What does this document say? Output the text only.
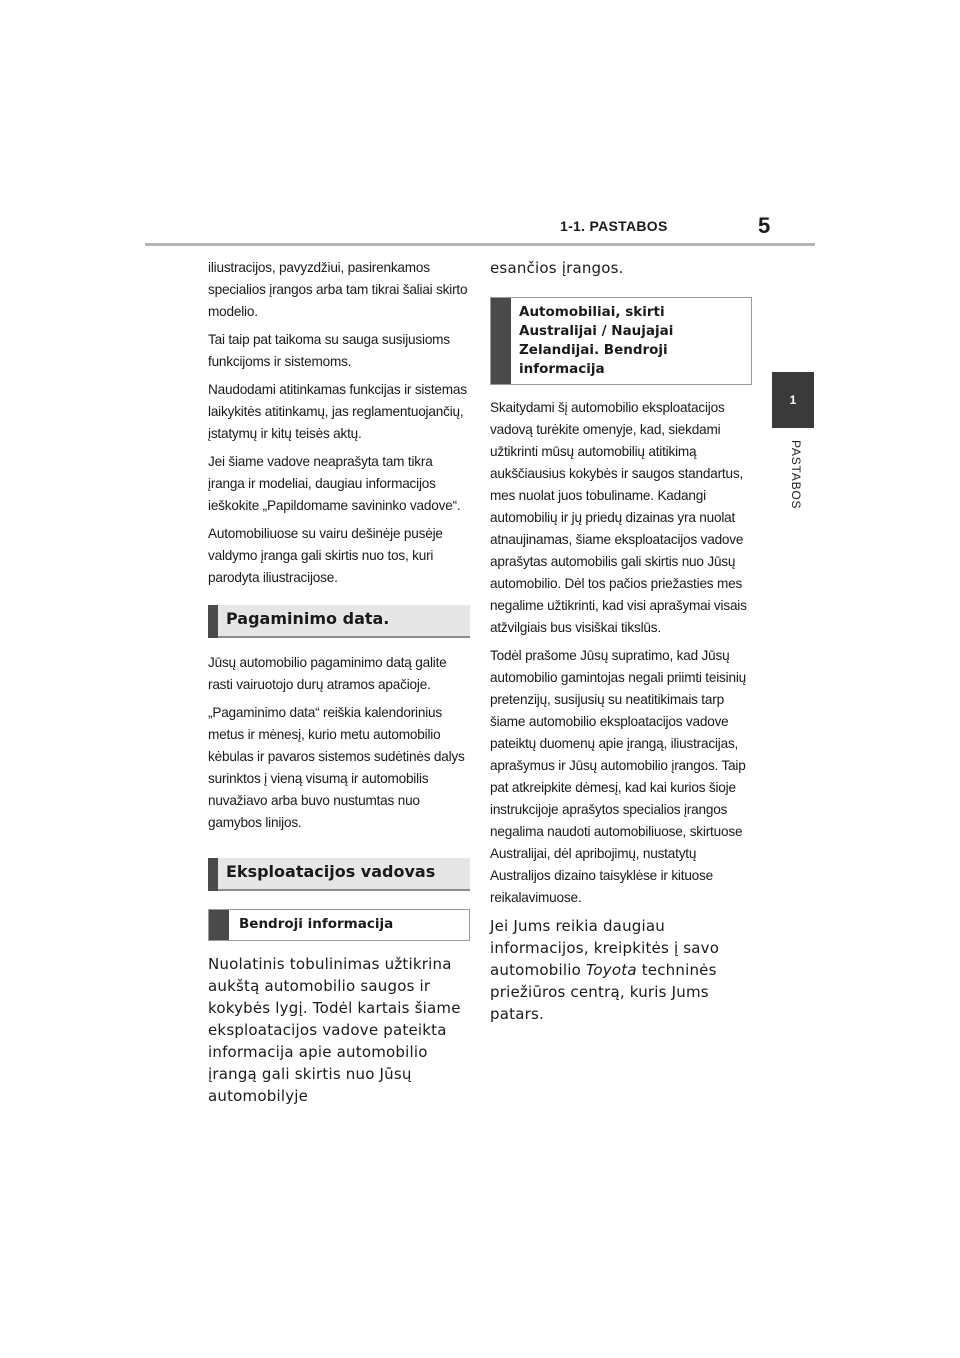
1-1. PASTABOS	5
1
PASTABOS

iliustracijos, pavyzdžiui, pasirenkamos specialios įrangos arba tam tikrai šaliai skirto modelio.

Tai taip pat taikoma su sauga susijusioms funkcijoms ir sistemoms.

Naudodami atitinkamas funkcijas ir sistemas laikykitės atitinkamų, jas reglamentuojančių, įstatymų ir kitų teisės aktų.

Jei šiame vadove neaprašyta tam tikra įranga ir modeliai, daugiau informacijos ieškokite „Papildomame savininko vadove“.

Automobiliuose su vairu dešinėje pusėje valdymo įranga gali skirtis nuo tos, kuri parodyta iliustracijose.

Pagaminimo data.

Jūsų automobilio pagaminimo datą galite rasti vairuotojo durų atramos apačioje.

„Pagaminimo data“ reiškia kalendorinius metus ir mėnesį, kurio metu automobilio kėbulas ir pavaros sistemos sudėtinės dalys surinktos į vieną visumą ir automobilis nuvažiavo arba buvo nustumtas nuo gamybos linijos.

Eksploatacijos vadovas
Bendroji informacija

Nuolatinis tobulinimas užtikrina aukštą automobilio saugos ir kokybės lygį. Todėl kartais šiame eksploatacijos vadove pateikta informacija apie automobilio įrangą gali skirtis nuo Jūsų automobilyje

esančios įrangos.

Automobiliai, skirti Australijai / Naujajai Zelandijai. Bendroji informacija

Skaitydami šį automobilio eksploatacijos vadovą turėkite omenyje, kad, siekdami užtikrinti mūsų automobilių atitikimą aukščiausius kokybės ir saugos standartus, mes nuolat juos tobuliname. Kadangi automobilių ir jų priedų dizainas yra nuolat atnaujinamas, šiame eksploatacijos vadove aprašytas automobilis gali skirtis nuo Jūsų automobilio. Dėl tos pačios priežasties mes negalime užtikrinti, kad visi aprašymai visais atžvilgiais bus visiškai tikslūs.

Todėl prašome Jūsų supratimo, kad Jūsų automobilio gamintojas negali priimti teisinių pretenzijų, susijusių su neatitikimais tarp šiame automobilio eksploatacijos vadove pateiktų duomenų apie įrangą, iliustracijas, aprašymus ir Jūsų automobilio įrangos. Taip pat atkreipkite dėmesį, kad kai kurios šioje instrukcijoje aprašytos specialios įrangos negalima naudoti automobiliuose, skirtuose Australijai, dėl apribojimų, nustatytų Australijos dizaino taisyklėse ir kituose reikalavimuose.

Jei Jums reikia daugiau informacijos, kreipkitės į savo automobilio Toyota techninės priežiūros centrą, kuris Jums patars.
